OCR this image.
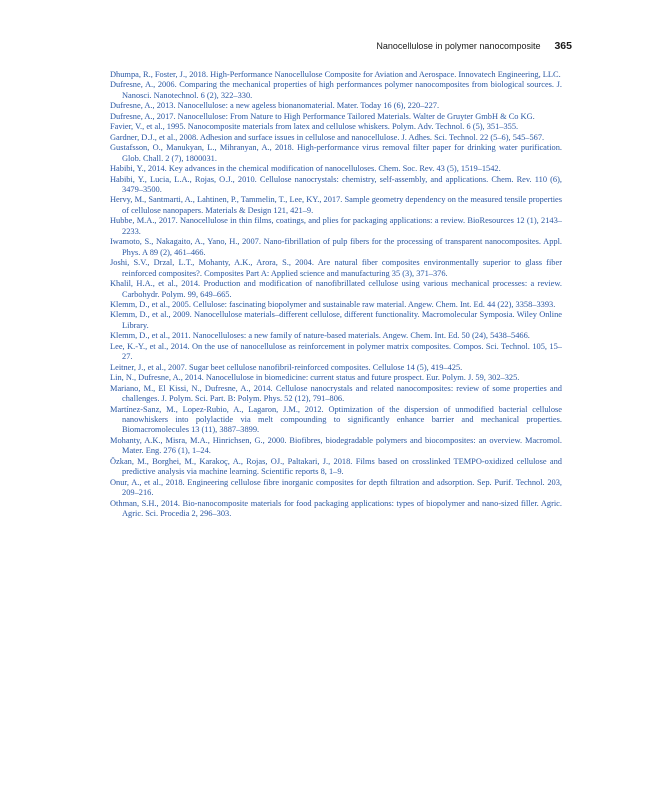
Nanocellulose in polymer nanocomposite 365
Dhumpa, R., Foster, J., 2018. High-Performance Nanocellulose Composite for Aviation and Aerospace. Innovatech Engineering, LLC.
Dufresne, A., 2006. Comparing the mechanical properties of high performances polymer nanocomposites from biological sources. J. Nanosci. Nanotechnol. 6 (2), 322–330.
Dufresne, A., 2013. Nanocellulose: a new ageless bionanomaterial. Mater. Today 16 (6), 220–227.
Dufresne, A., 2017. Nanocellulose: From Nature to High Performance Tailored Materials. Walter de Gruyter GmbH & Co KG.
Favier, V., et al., 1995. Nanocomposite materials from latex and cellulose whiskers. Polym. Adv. Technol. 6 (5), 351–355.
Gardner, D.J., et al., 2008. Adhesion and surface issues in cellulose and nanocellulose. J. Adhes. Sci. Technol. 22 (5–6), 545–567.
Gustafsson, O., Manukyan, L., Mihranyan, A., 2018. High-performance virus removal filter paper for drinking water purification. Glob. Chall. 2 (7), 1800031.
Habibi, Y., 2014. Key advances in the chemical modification of nanocelluloses. Chem. Soc. Rev. 43 (5), 1519–1542.
Habibi, Y., Lucia, L.A., Rojas, O.J., 2010. Cellulose nanocrystals: chemistry, self-assembly, and applications. Chem. Rev. 110 (6), 3479–3500.
Hervy, M., Santmarti, A., Lahtinen, P., Tammelin, T., Lee, KY., 2017. Sample geometry dependency on the measured tensile properties of cellulose nanopapers. Materials & Design 121, 421–9.
Hubbe, M.A., 2017. Nanocellulose in thin films, coatings, and plies for packaging applications: a review. BioResources 12 (1), 2143–2233.
Iwamoto, S., Nakagaito, A., Yano, H., 2007. Nano-fibrillation of pulp fibers for the processing of transparent nanocomposites. Appl. Phys. A 89 (2), 461–466.
Joshi, S.V., Drzal, L.T., Mohanty, A.K., Arora, S., 2004. Are natural fiber composites environmentally superior to glass fiber reinforced composites?. Composites Part A: Applied science and manufacturing 35 (3), 371–376.
Khalil, H.A., et al., 2014. Production and modification of nanofibrillated cellulose using various mechanical processes: a review. Carbohydr. Polym. 99, 649–665.
Klemm, D., et al., 2005. Cellulose: fascinating biopolymer and sustainable raw material. Angew. Chem. Int. Ed. 44 (22), 3358–3393.
Klemm, D., et al., 2009. Nanocellulose materials–different cellulose, different functionality. Macromolecular Symposia. Wiley Online Library.
Klemm, D., et al., 2011. Nanocelluloses: a new family of nature-based materials. Angew. Chem. Int. Ed. 50 (24), 5438–5466.
Lee, K.-Y., et al., 2014. On the use of nanocellulose as reinforcement in polymer matrix composites. Compos. Sci. Technol. 105, 15–27.
Leitner, J., et al., 2007. Sugar beet cellulose nanofibril-reinforced composites. Cellulose 14 (5), 419–425.
Lin, N., Dufresne, A., 2014. Nanocellulose in biomedicine: current status and future prospect. Eur. Polym. J. 59, 302–325.
Mariano, M., El Kissi, N., Dufresne, A., 2014. Cellulose nanocrystals and related nanocomposites: review of some properties and challenges. J. Polym. Sci. Part. B: Polym. Phys. 52 (12), 791–806.
Martínez-Sanz, M., Lopez-Rubio, A., Lagaron, J.M., 2012. Optimization of the dispersion of unmodified bacterial cellulose nanowhiskers into polylactide via melt compounding to significantly enhance barrier and mechanical properties. Biomacromolecules 13 (11), 3887–3899.
Mohanty, A.K., Misra, M.A., Hinrichsen, G., 2000. Biofibres, biodegradable polymers and biocomposites: an overview. Macromol. Mater. Eng. 276 (1), 1–24.
Özkan, M., Borghei, M., Karakoç, A., Rojas, OJ., Paltakari, J., 2018. Films based on crosslinked TEMPO-oxidized cellulose and predictive analysis via machine learning. Scientific reports 8, 1–9.
Onur, A., et al., 2018. Engineering cellulose fibre inorganic composites for depth filtration and adsorption. Sep. Purif. Technol. 203, 209–216.
Othman, S.H., 2014. Bio-nanocomposite materials for food packaging applications: types of biopolymer and nano-sized filler. Agric. Agric. Sci. Procedia 2, 296–303.
